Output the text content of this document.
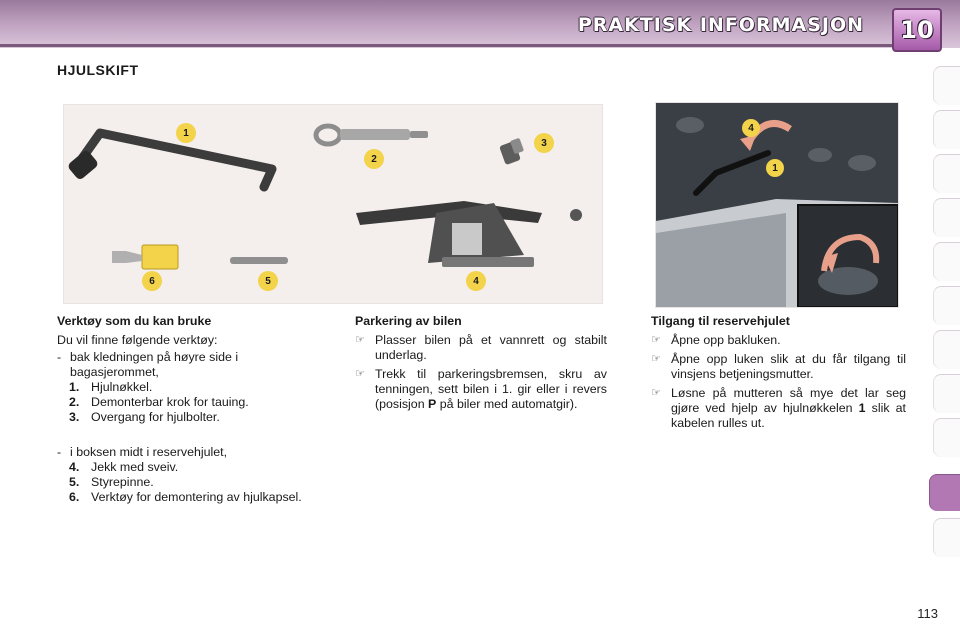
PRAKTISK INFORMASJON	10
HJULSKIFT
1
2
3
6	5	4
4
1
Verktøy som du kan bruke
Du vil finne følgende verktøy:
- bak kledningen på høyre side i bagasjerommet,
1. Hjulnøkkel.
2. Demonterbar krok for tauing.
3. Overgang for hjulbolter.
- i boksen midt i reservehjulet,
4. Jekk med sveiv.
5. Styrepinne.
6. Verktøy for demontering av hjulkapsel.
Parkering av bilen
☞ Plasser bilen på et vannrett og stabilt underlag.
☞ Trekk til parkeringsbremsen, skru av tenningen, sett bilen i 1. gir eller i revers (posisjon P på biler med automatgir).
Tilgang til reservehjulet
☞ Åpne opp bakluken.
☞ Åpne opp luken slik at du får tilgang til vinsjens betjeningsmutter.
☞ Løsne på mutteren så mye det lar seg gjøre ved hjelp av hjulnøkkelen 1 slik at kabelen rulles ut.
113
